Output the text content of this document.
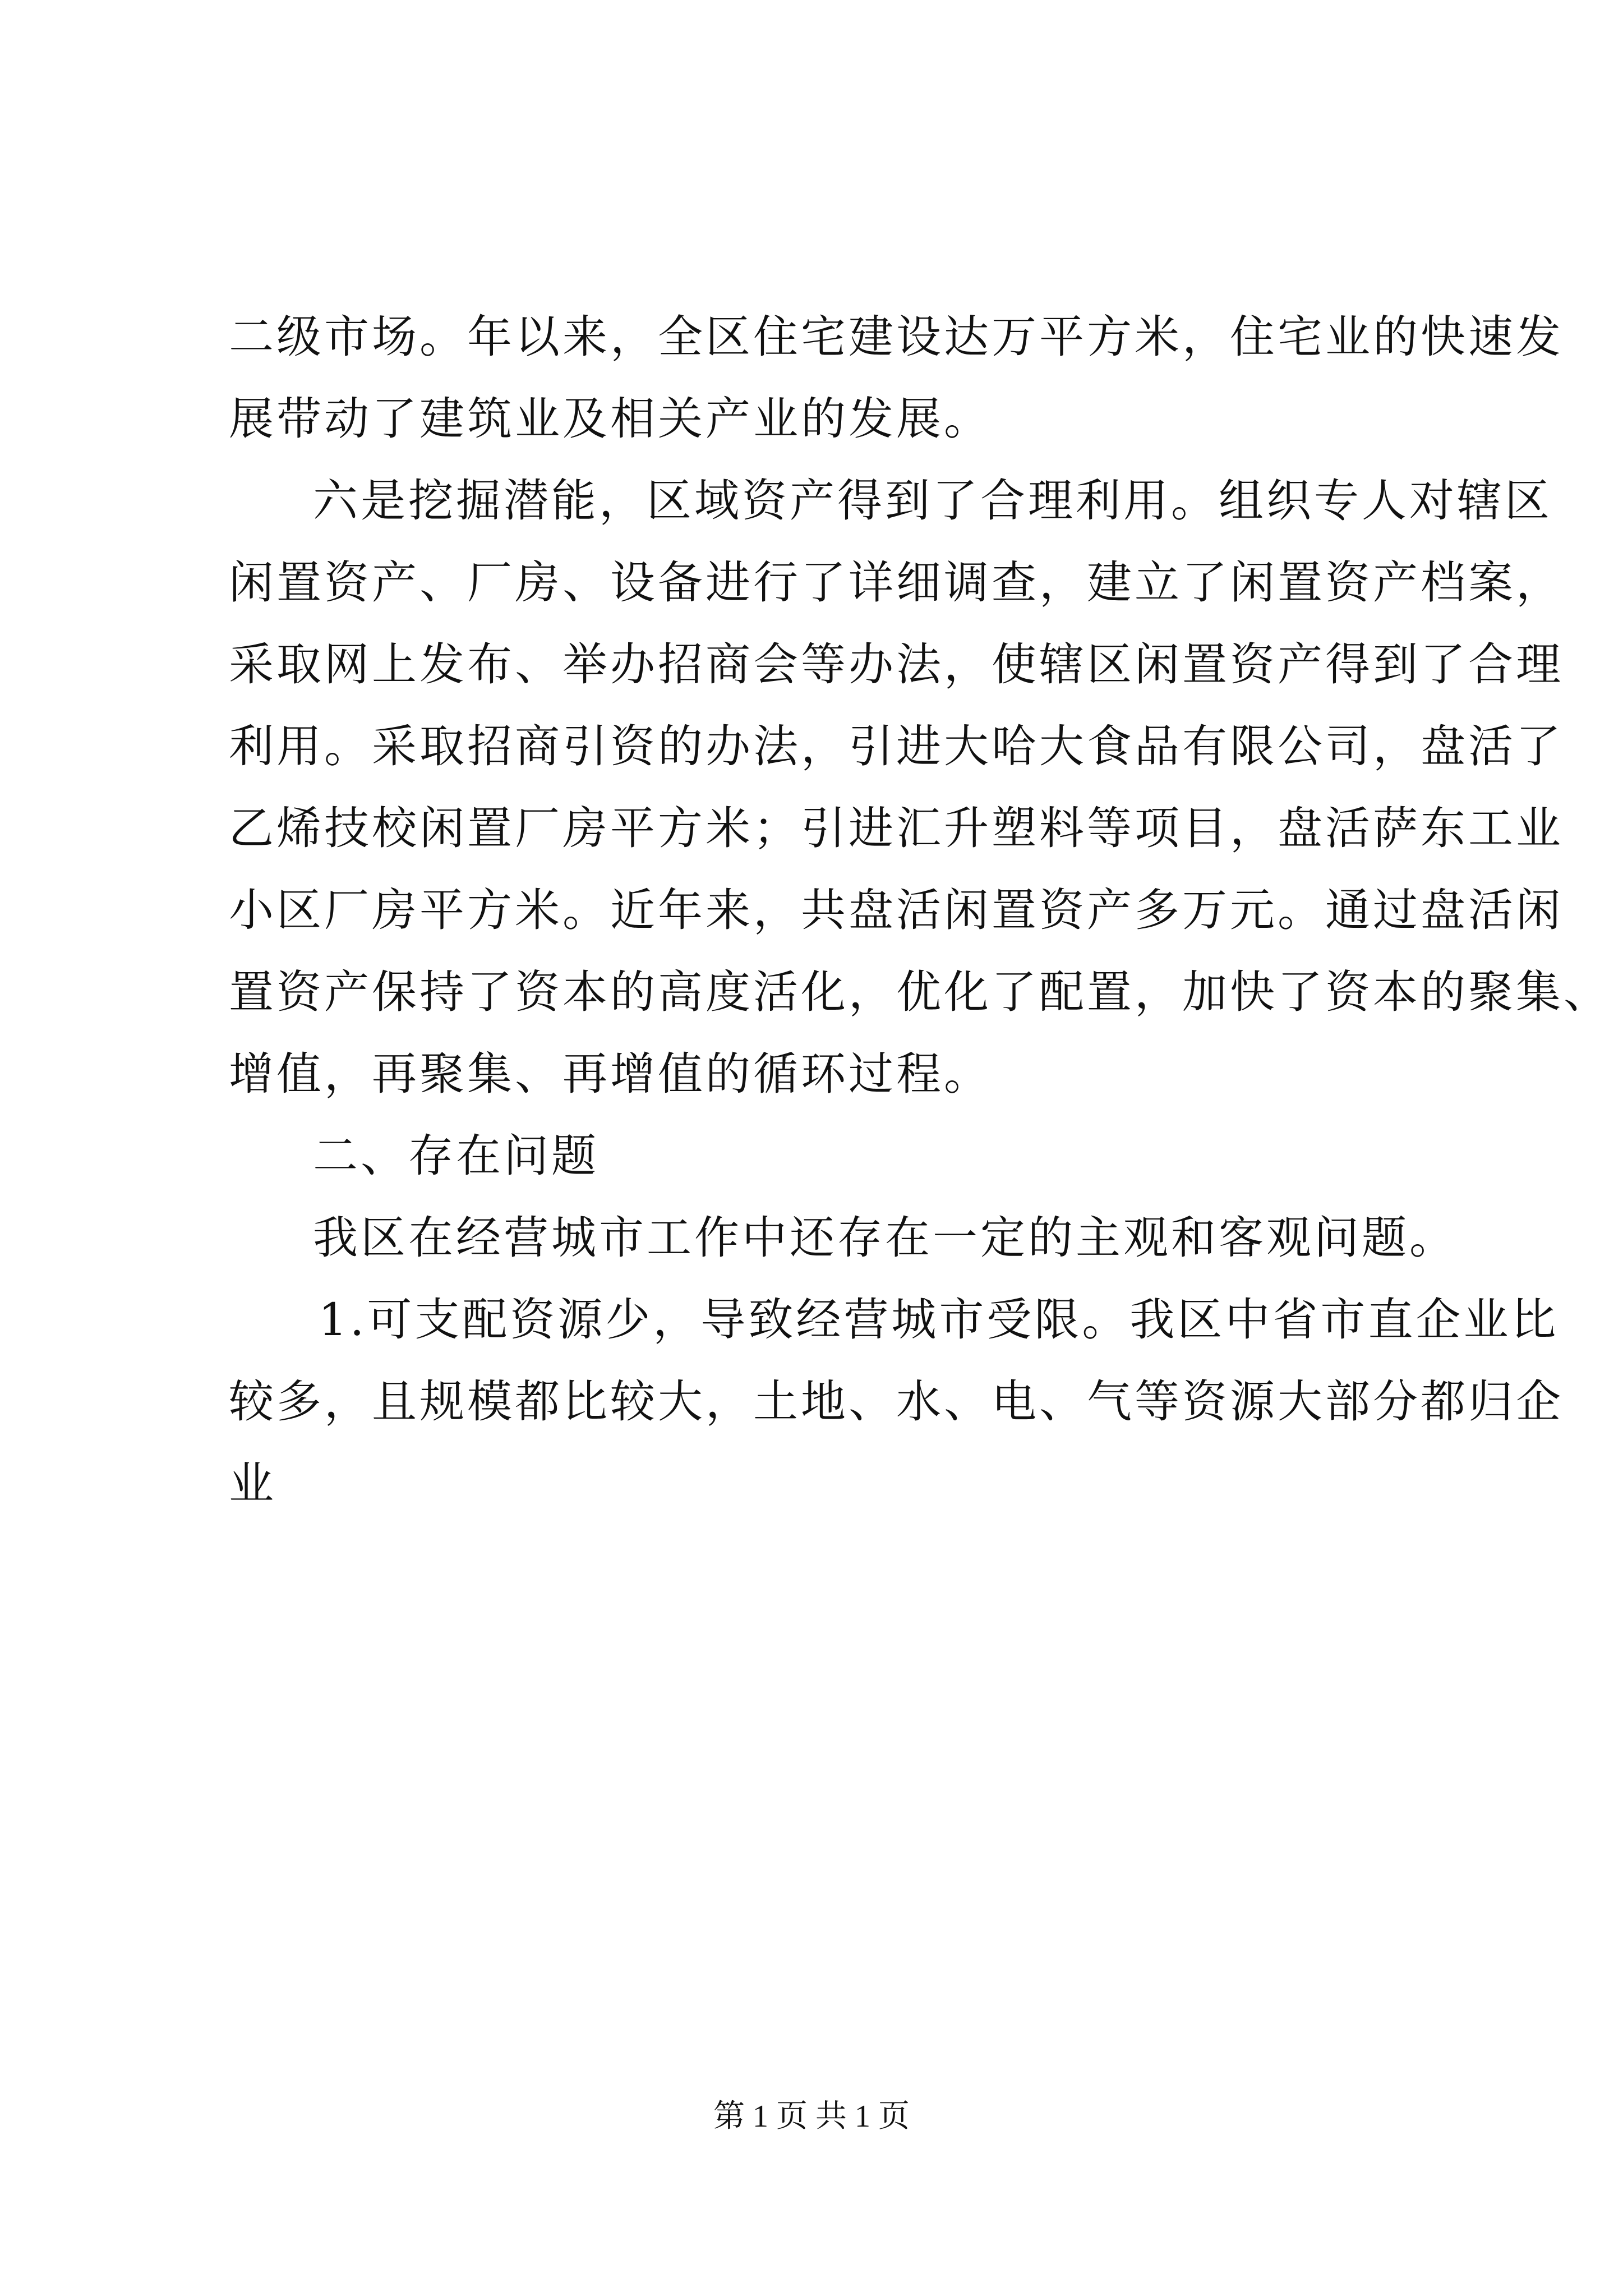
二级市场。年以来，全区住宅建设达万平方米，住宅业的快速发
展带动了建筑业及相关产业的发展。
六是挖掘潜能，区域资产得到了合理利用。组织专人对辖区
闲置资产、厂房、设备进行了详细调查，建立了闲置资产档案，
采取网上发布、举办招商会等办法，使辖区闲置资产得到了合理
利用。采取招商引资的办法，引进大哈大食品有限公司，盘活了
乙烯技校闲置厂房平方米；引进汇升塑料等项目，盘活萨东工业
小区厂房平方米。近年来，共盘活闲置资产多万元。通过盘活闲
置资产保持了资本的高度活化，优化了配置，加快了资本的聚集、
增值，再聚集、再增值的循环过程。
二、存在问题
我区在经营城市工作中还存在一定的主观和客观问题。
1.可支配资源少，导致经营城市受限。我区中省市直企业比
较多，且规模都比较大，土地、水、电、气等资源大部分都归企
业
第 1 页 共 1 页
